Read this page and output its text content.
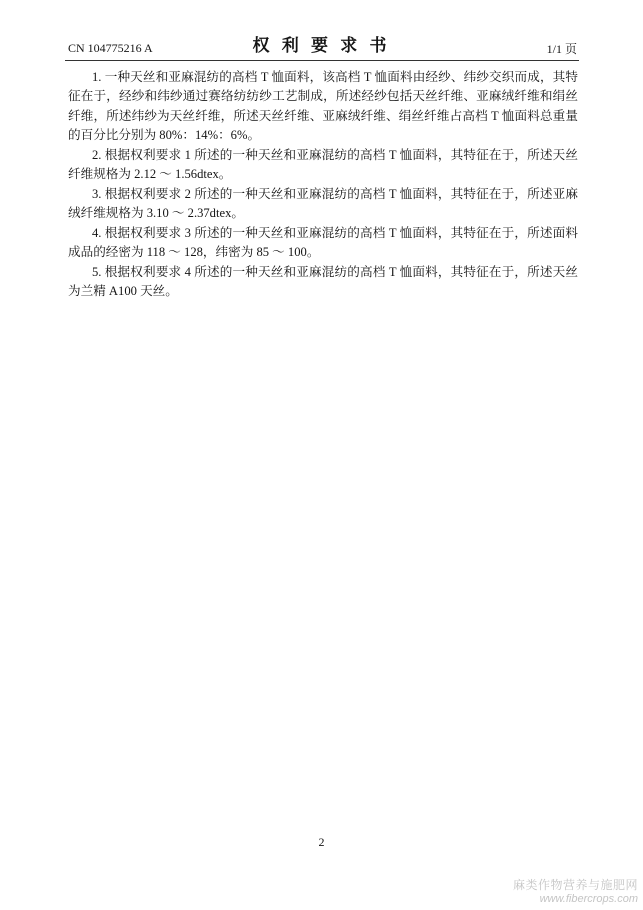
CN 104775216 A	权 利 要 求 书	1/1 页
1. 一种天丝和亚麻混纺的高档 T 恤面料，该高档 T 恤面料由经纱、纬纱交织而成，其特
征在于，经纱和纬纱通过赛络纺纺纱工艺制成，所述经纱包括天丝纤维、亚麻绒纤维和绢丝
纤维，所述纬纱为天丝纤维，所述天丝纤维、亚麻绒纤维、绢丝纤维占高档 T 恤面料总重量
的百分比分别为 80%：14%：6%。
2. 根据权利要求 1 所述的一种天丝和亚麻混纺的高档 T 恤面料，其特征在于，所述天丝
纤维规格为 2.12 ～ 1.56dtex。
3. 根据权利要求 2 所述的一种天丝和亚麻混纺的高档 T 恤面料，其特征在于，所述亚麻
绒纤维规格为 3.10 ～ 2.37dtex。
4. 根据权利要求 3 所述的一种天丝和亚麻混纺的高档 T 恤面料，其特征在于，所述面料
成品的经密为 118 ～ 128，纬密为 85 ～ 100。
5. 根据权利要求 4 所述的一种天丝和亚麻混纺的高档 T 恤面料，其特征在于，所述天丝
为兰精 A100 天丝。
2
麻类作物营养与施肥网
www.fibercrops.com
